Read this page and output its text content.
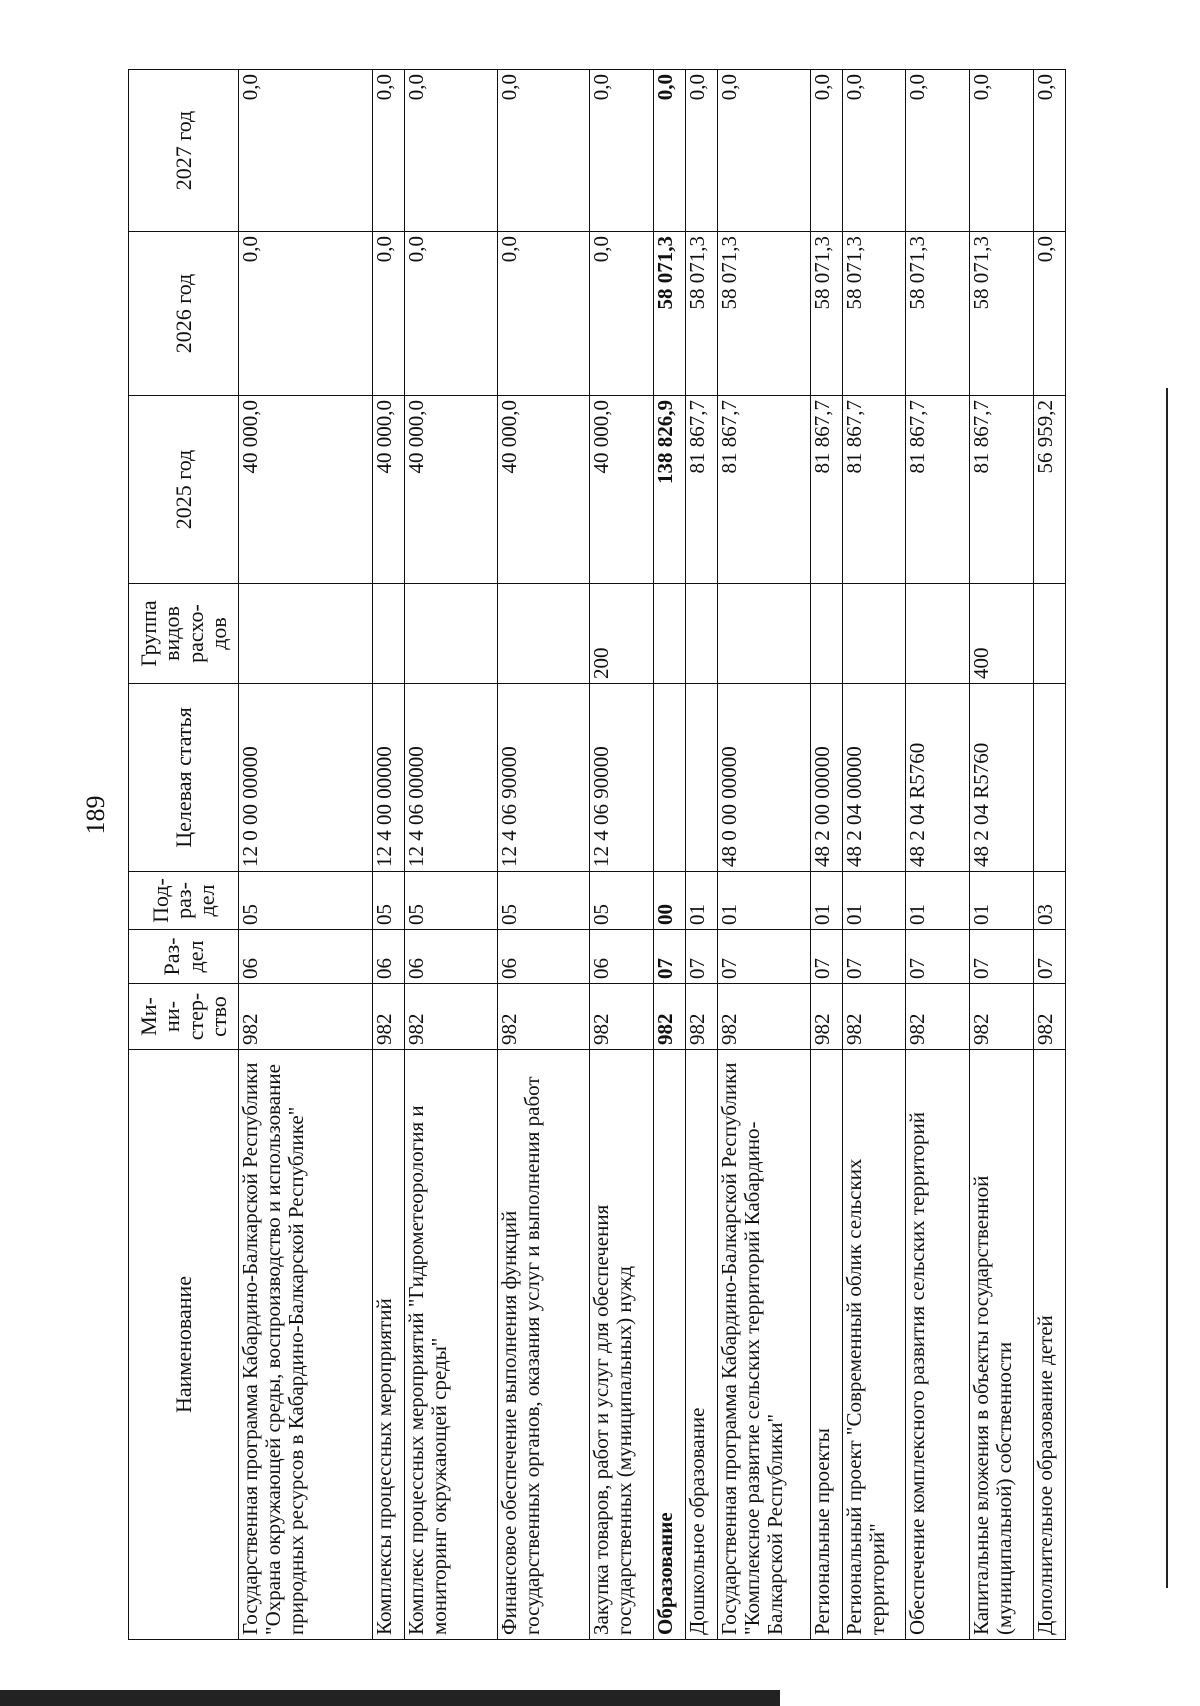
189
Наименование	Ми-ни-стер-ство	Раз-дел	Под-раз-дел	Целевая статья	Группа видов расхо-дов	2025 год	2026 год	2027 год
Государственная программа Кабардино-Балкарской Республики "Охрана окружающей среды, воспроизводство и использование природных ресурсов в Кабардино-Балкарской Республике"	982	06	05	12 0 00 00000		40 000,0	0,0	0,0
Комплексы процессных мероприятий	982	06	05	12 4 00 00000		40 000,0	0,0	0,0
Комплекс процессных мероприятий "Гидрометеорология и мониторинг окружающей среды"	982	06	05	12 4 06 00000		40 000,0	0,0	0,0
Финансовое обеспечение выполнения функций государственных органов, оказания услуг и выполнения работ	982	06	05	12 4 06 90000		40 000,0	0,0	0,0
Закупка товаров, работ и услуг для обеспечения государственных (муниципальных) нужд	982	06	05	12 4 06 90000	200	40 000,0	0,0	0,0
Образование	982	07	00			138 826,9	58 071,3	0,0
Дошкольное образование	982	07	01			81 867,7	58 071,3	0,0
Государственная программа Кабардино-Балкарской Республики "Комплексное развитие сельских территорий Кабардино-Балкарской Республики"	982	07	01	48 0 00 00000		81 867,7	58 071,3	0,0
Региональные проекты	982	07	01	48 2 00 00000		81 867,7	58 071,3	0,0
Региональный проект "Современный облик сельских территорий"	982	07	01	48 2 04 00000		81 867,7	58 071,3	0,0
Обеспечение комплексного развития сельских территорий	982	07	01	48 2 04 R5760		81 867,7	58 071,3	0,0
Капитальные вложения в объекты государственной (муниципальной) собственности	982	07	01	48 2 04 R5760	400	81 867,7	58 071,3	0,0
Дополнительное образование детей	982	07	03			56 959,2	0,0	0,0
